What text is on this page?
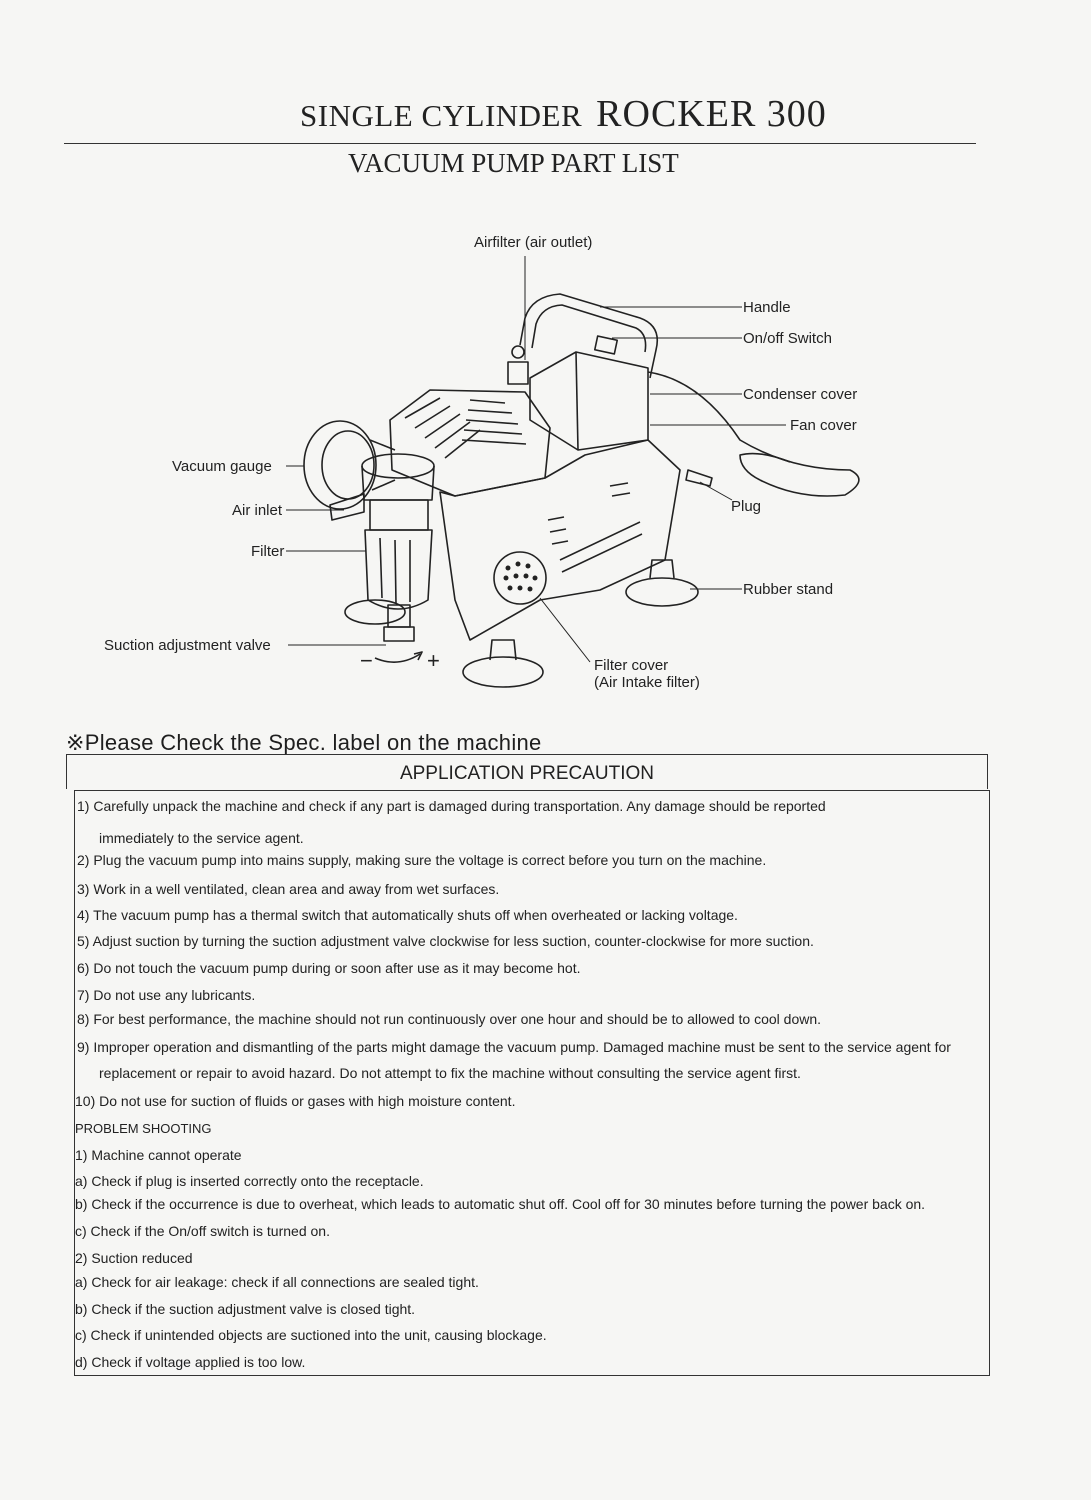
SINGLE CYLINDER ROCKER 300
VACUUM PUMP PART LIST
Airfilter (air outlet)
Handle
On/off Switch
Condenser cover
Fan cover
Vacuum gauge
Air inlet
Filter
Plug
Rubber stand
Suction adjustment valve
Filter cover
(Air Intake filter)
− +
※Please Check the Spec. label on the machine
APPLICATION PRECAUTION
1) Carefully unpack the machine and check if any part is damaged during transportation. Any damage should be reported
immediately to the service agent.
2) Plug the vacuum pump into mains supply, making sure the voltage is correct before you turn on the machine.
3) Work in a well ventilated, clean area and away from wet surfaces.
4) The vacuum pump has a thermal switch that automatically shuts off when overheated or lacking voltage.
5) Adjust suction by turning the suction adjustment valve clockwise for less suction, counter-clockwise for more suction.
6) Do not touch the vacuum pump during or soon after use as it may become hot.
7) Do not use any lubricants.
8) For best performance, the machine should not run continuously over one hour and should be to allowed to cool down.
9) Improper operation and dismantling of the parts might damage the vacuum pump. Damaged machine must be sent to the service agent for
replacement or repair to avoid hazard. Do not attempt to fix the machine without consulting the service agent first.
10) Do not use for suction of fluids or gases with high moisture content.
PROBLEM SHOOTING
1) Machine cannot operate
a) Check if plug is inserted correctly onto the receptacle.
b) Check if the occurrence is due to overheat, which leads to automatic shut off. Cool off for 30 minutes before turning the power back on.
c) Check if the On/off switch is turned on.
2) Suction reduced
a) Check for air leakage: check if all connections are sealed tight.
b) Check if the suction adjustment valve is closed tight.
c) Check if unintended objects are suctioned into the unit, causing blockage.
d) Check if voltage applied is too low.
